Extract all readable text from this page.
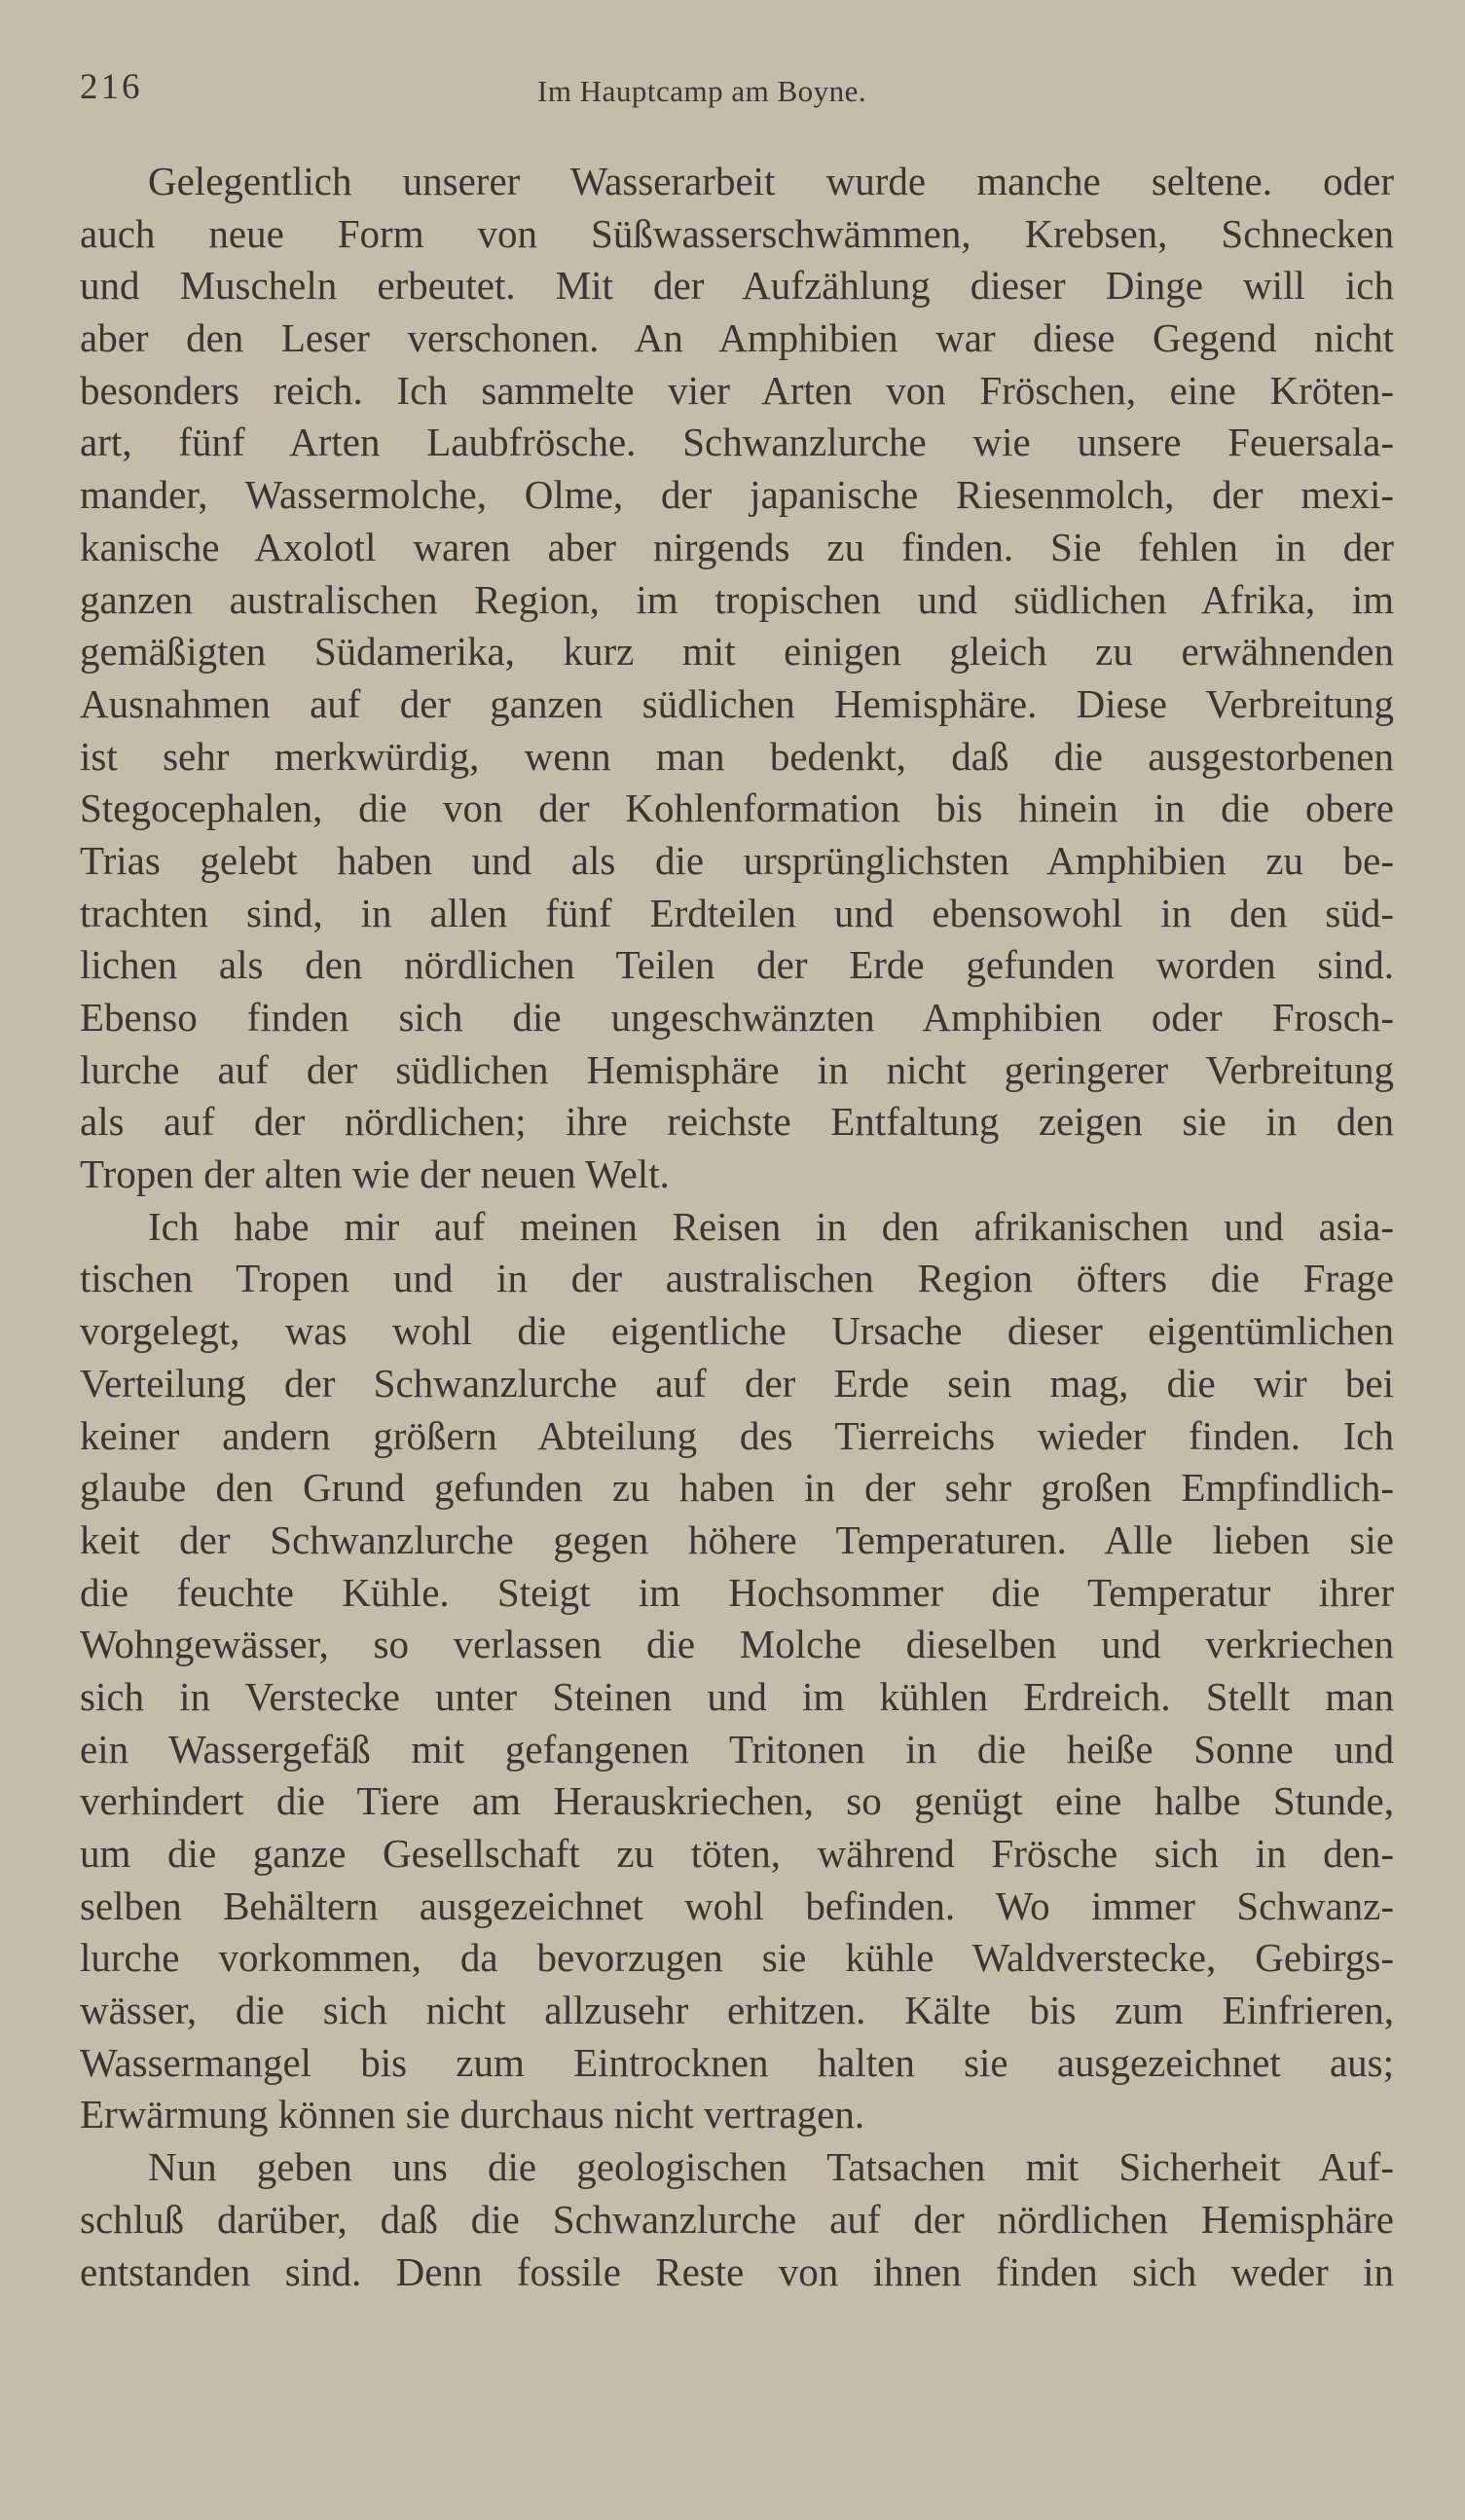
216	Im Hauptcamp am Boyne.
Gelegentlich unserer Wasserarbeit wurde manche seltene. oder
auch neue Form von Süßwasserschwämmen, Krebsen, Schnecken
und Muscheln erbeutet. Mit der Aufzählung dieser Dinge will ich
aber den Leser verschonen. An Amphibien war diese Gegend nicht
besonders reich. Ich sammelte vier Arten von Fröschen, eine Kröten-
art, fünf Arten Laubfrösche. Schwanzlurche wie unsere Feuersala-
mander, Wassermolche, Olme, der japanische Riesenmolch, der mexi-
kanische Axolotl waren aber nirgends zu finden. Sie fehlen in der
ganzen australischen Region, im tropischen und südlichen Afrika, im
gemäßigten Südamerika, kurz mit einigen gleich zu erwähnenden
Ausnahmen auf der ganzen südlichen Hemisphäre. Diese Verbreitung
ist sehr merkwürdig, wenn man bedenkt, daß die ausgestorbenen
Stegocephalen, die von der Kohlenformation bis hinein in die obere
Trias gelebt haben und als die ursprünglichsten Amphibien zu be-
trachten sind, in allen fünf Erdteilen und ebensowohl in den süd-
lichen als den nördlichen Teilen der Erde gefunden worden sind.
Ebenso finden sich die ungeschwänzten Amphibien oder Frosch-
lurche auf der südlichen Hemisphäre in nicht geringerer Verbreitung
als auf der nördlichen; ihre reichste Entfaltung zeigen sie in den
Tropen der alten wie der neuen Welt.
Ich habe mir auf meinen Reisen in den afrikanischen und asia-
tischen Tropen und in der australischen Region öfters die Frage
vorgelegt, was wohl die eigentliche Ursache dieser eigentümlichen
Verteilung der Schwanzlurche auf der Erde sein mag, die wir bei
keiner andern größern Abteilung des Tierreichs wieder finden. Ich
glaube den Grund gefunden zu haben in der sehr großen Empfindlich-
keit der Schwanzlurche gegen höhere Temperaturen. Alle lieben sie
die feuchte Kühle. Steigt im Hochsommer die Temperatur ihrer
Wohngewässer, so verlassen die Molche dieselben und verkriechen
sich in Verstecke unter Steinen und im kühlen Erdreich. Stellt man
ein Wassergefäß mit gefangenen Tritonen in die heiße Sonne und
verhindert die Tiere am Herauskriechen, so genügt eine halbe Stunde,
um die ganze Gesellschaft zu töten, während Frösche sich in den-
selben Behältern ausgezeichnet wohl befinden. Wo immer Schwanz-
lurche vorkommen, da bevorzugen sie kühle Waldverstecke, Gebirgs-
wässer, die sich nicht allzusehr erhitzen. Kälte bis zum Einfrieren,
Wassermangel bis zum Eintrocknen halten sie ausgezeichnet aus;
Erwärmung können sie durchaus nicht vertragen.
Nun geben uns die geologischen Tatsachen mit Sicherheit Auf-
schluß darüber, daß die Schwanzlurche auf der nördlichen Hemisphäre
entstanden sind. Denn fossile Reste von ihnen finden sich weder in
